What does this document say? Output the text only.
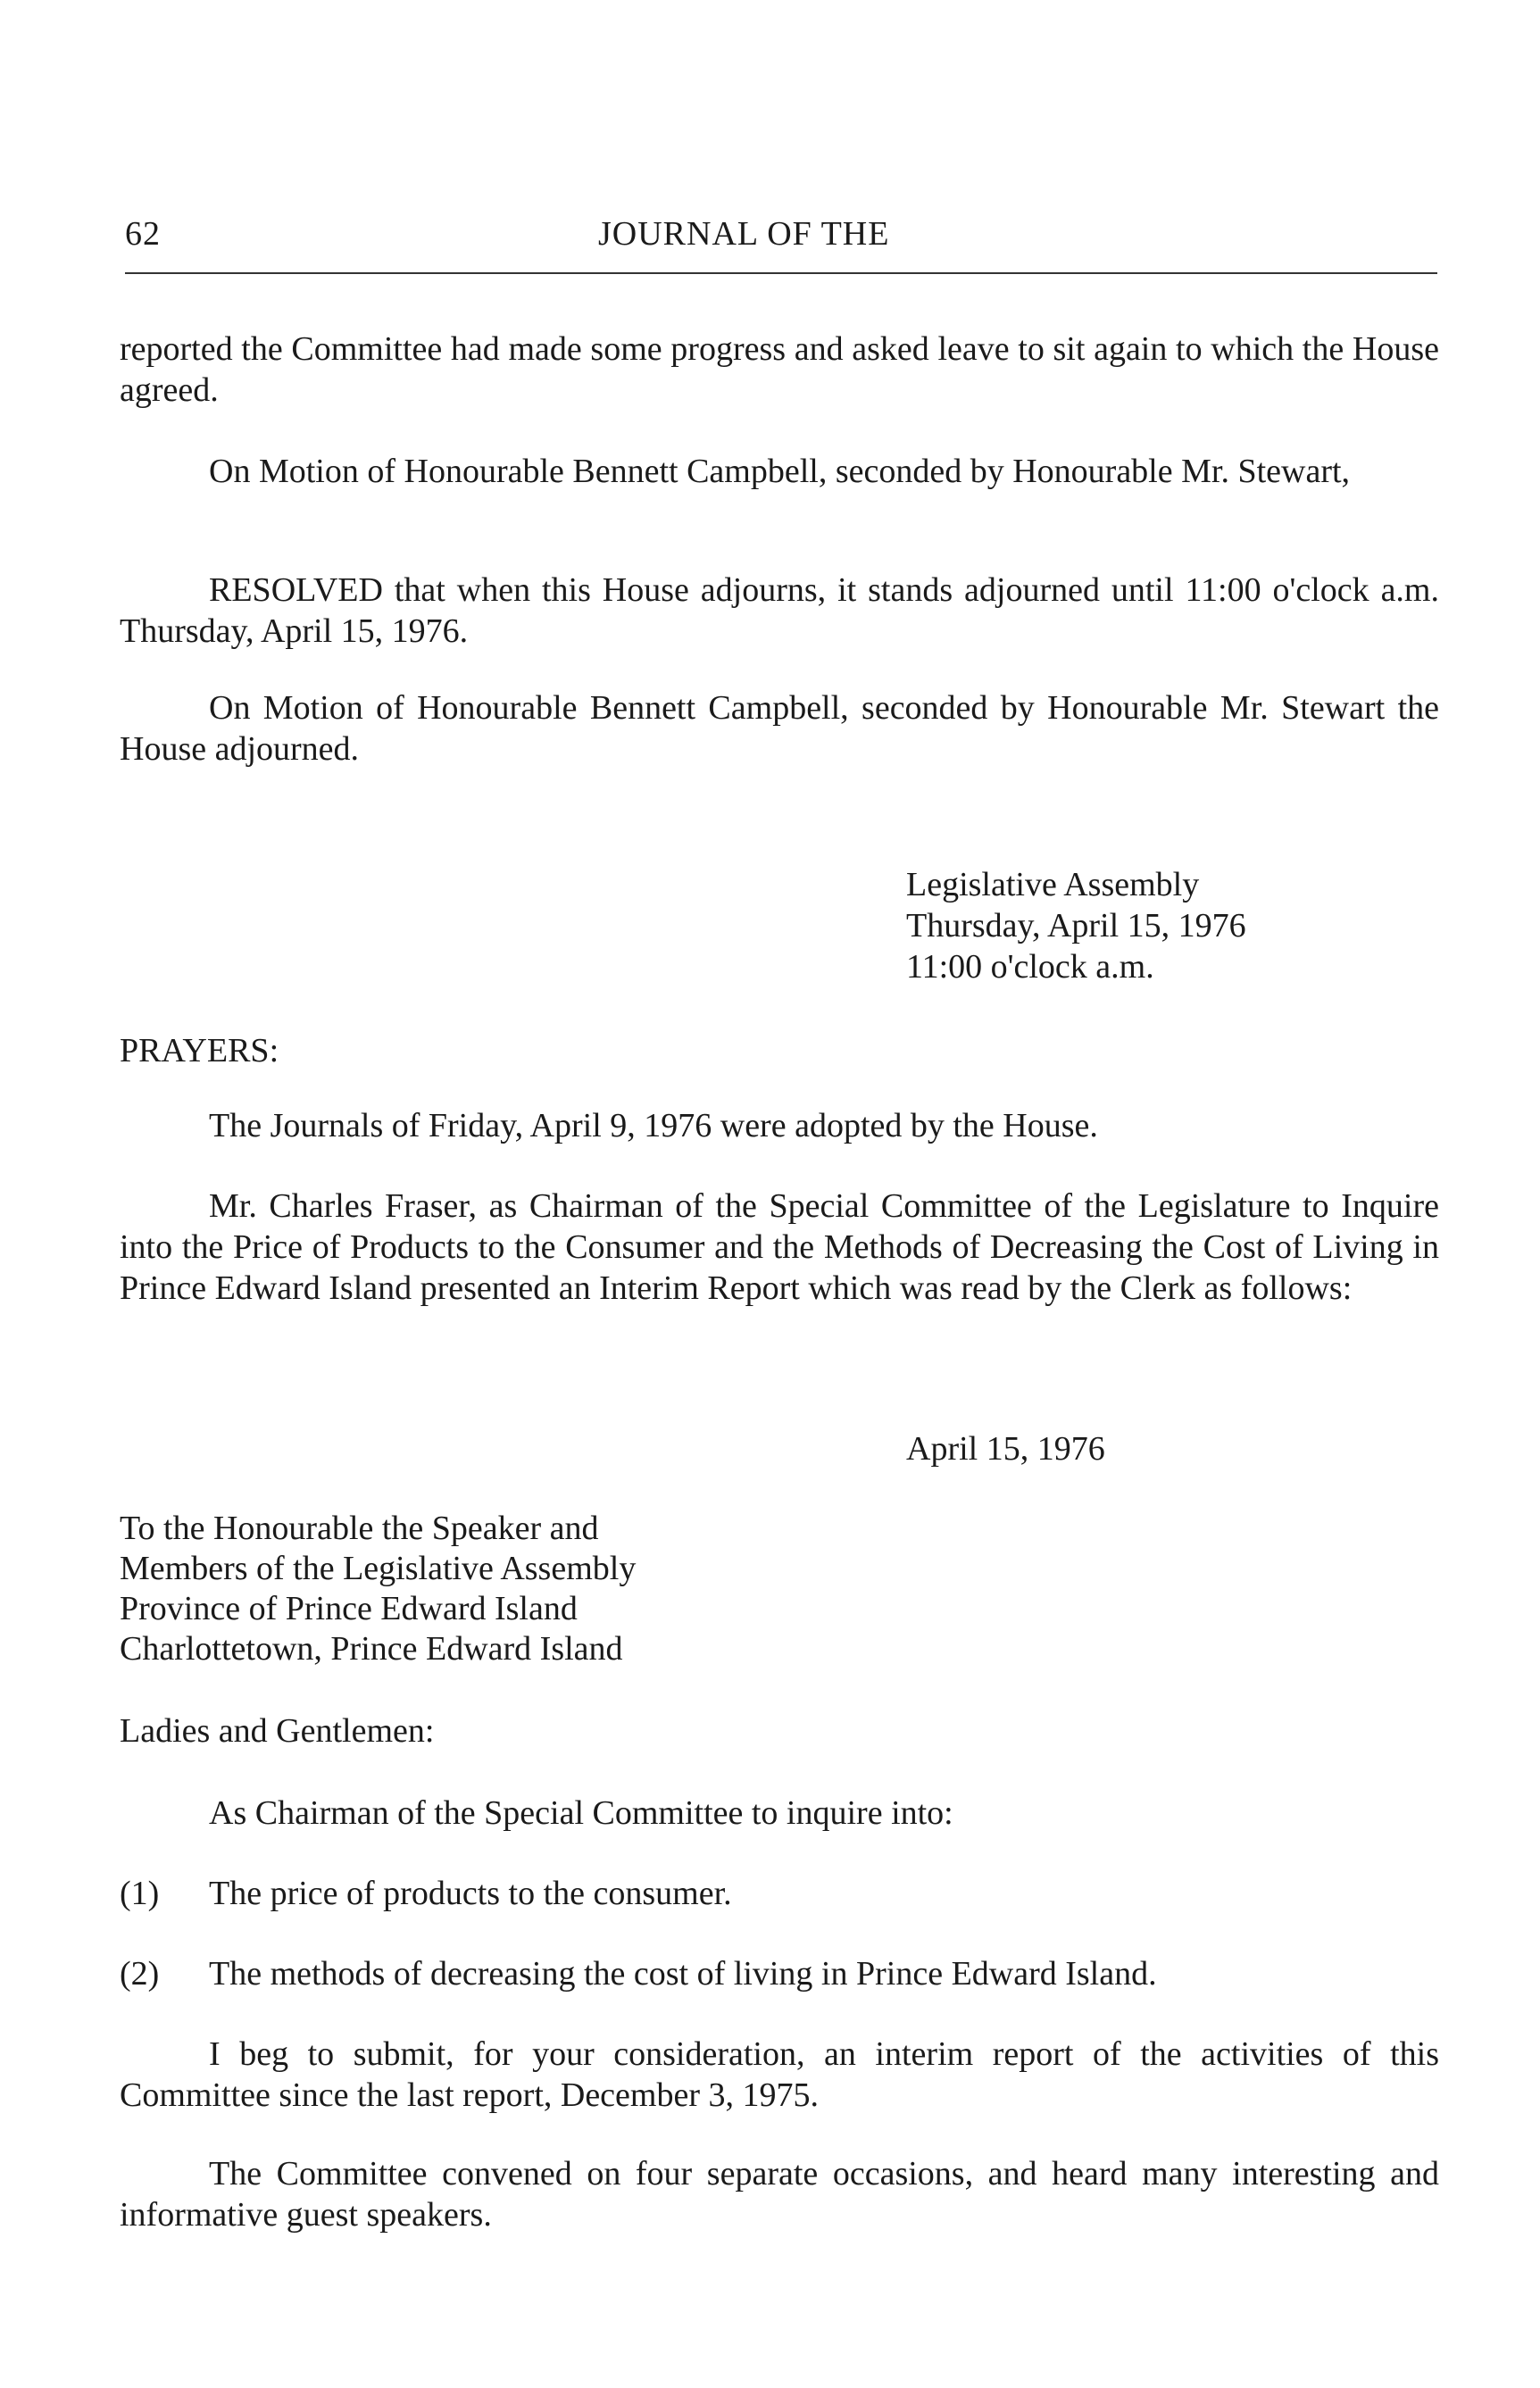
62	JOURNAL OF THE

reported the Committee had made some progress and asked leave to sit again to which the House agreed.

On Motion of Honourable Bennett Campbell, seconded by Honourable Mr. Stewart,

RESOLVED that when this House adjourns, it stands adjourned until 11:00 o'clock a.m. Thursday, April 15, 1976.

On Motion of Honourable Bennett Campbell, seconded by Honourable Mr. Stewart the House adjourned.

Legislative Assembly
Thursday, April 15, 1976
11:00 o'clock a.m.
PRAYERS:

The Journals of Friday, April 9, 1976 were adopted by the House.

Mr. Charles Fraser, as Chairman of the Special Committee of the Legislature to Inquire into the Price of Products to the Consumer and the Methods of Decreasing the Cost of Living in Prince Edward Island presented an Interim Report which was read by the Clerk as follows:

April 15, 1976
To the Honourable the Speaker and
Members of the Legislative Assembly
Province of Prince Edward Island
Charlottetown, Prince Edward Island
Ladies and Gentlemen:

As Chairman of the Special Committee to inquire into:

(1) The price of products to the consumer.
(2) The methods of decreasing the cost of living in Prince Edward Island.

I beg to submit, for your consideration, an interim report of the activities of this Committee since the last report, December 3, 1975.

The Committee convened on four separate occasions, and heard many interesting and informative guest speakers.
